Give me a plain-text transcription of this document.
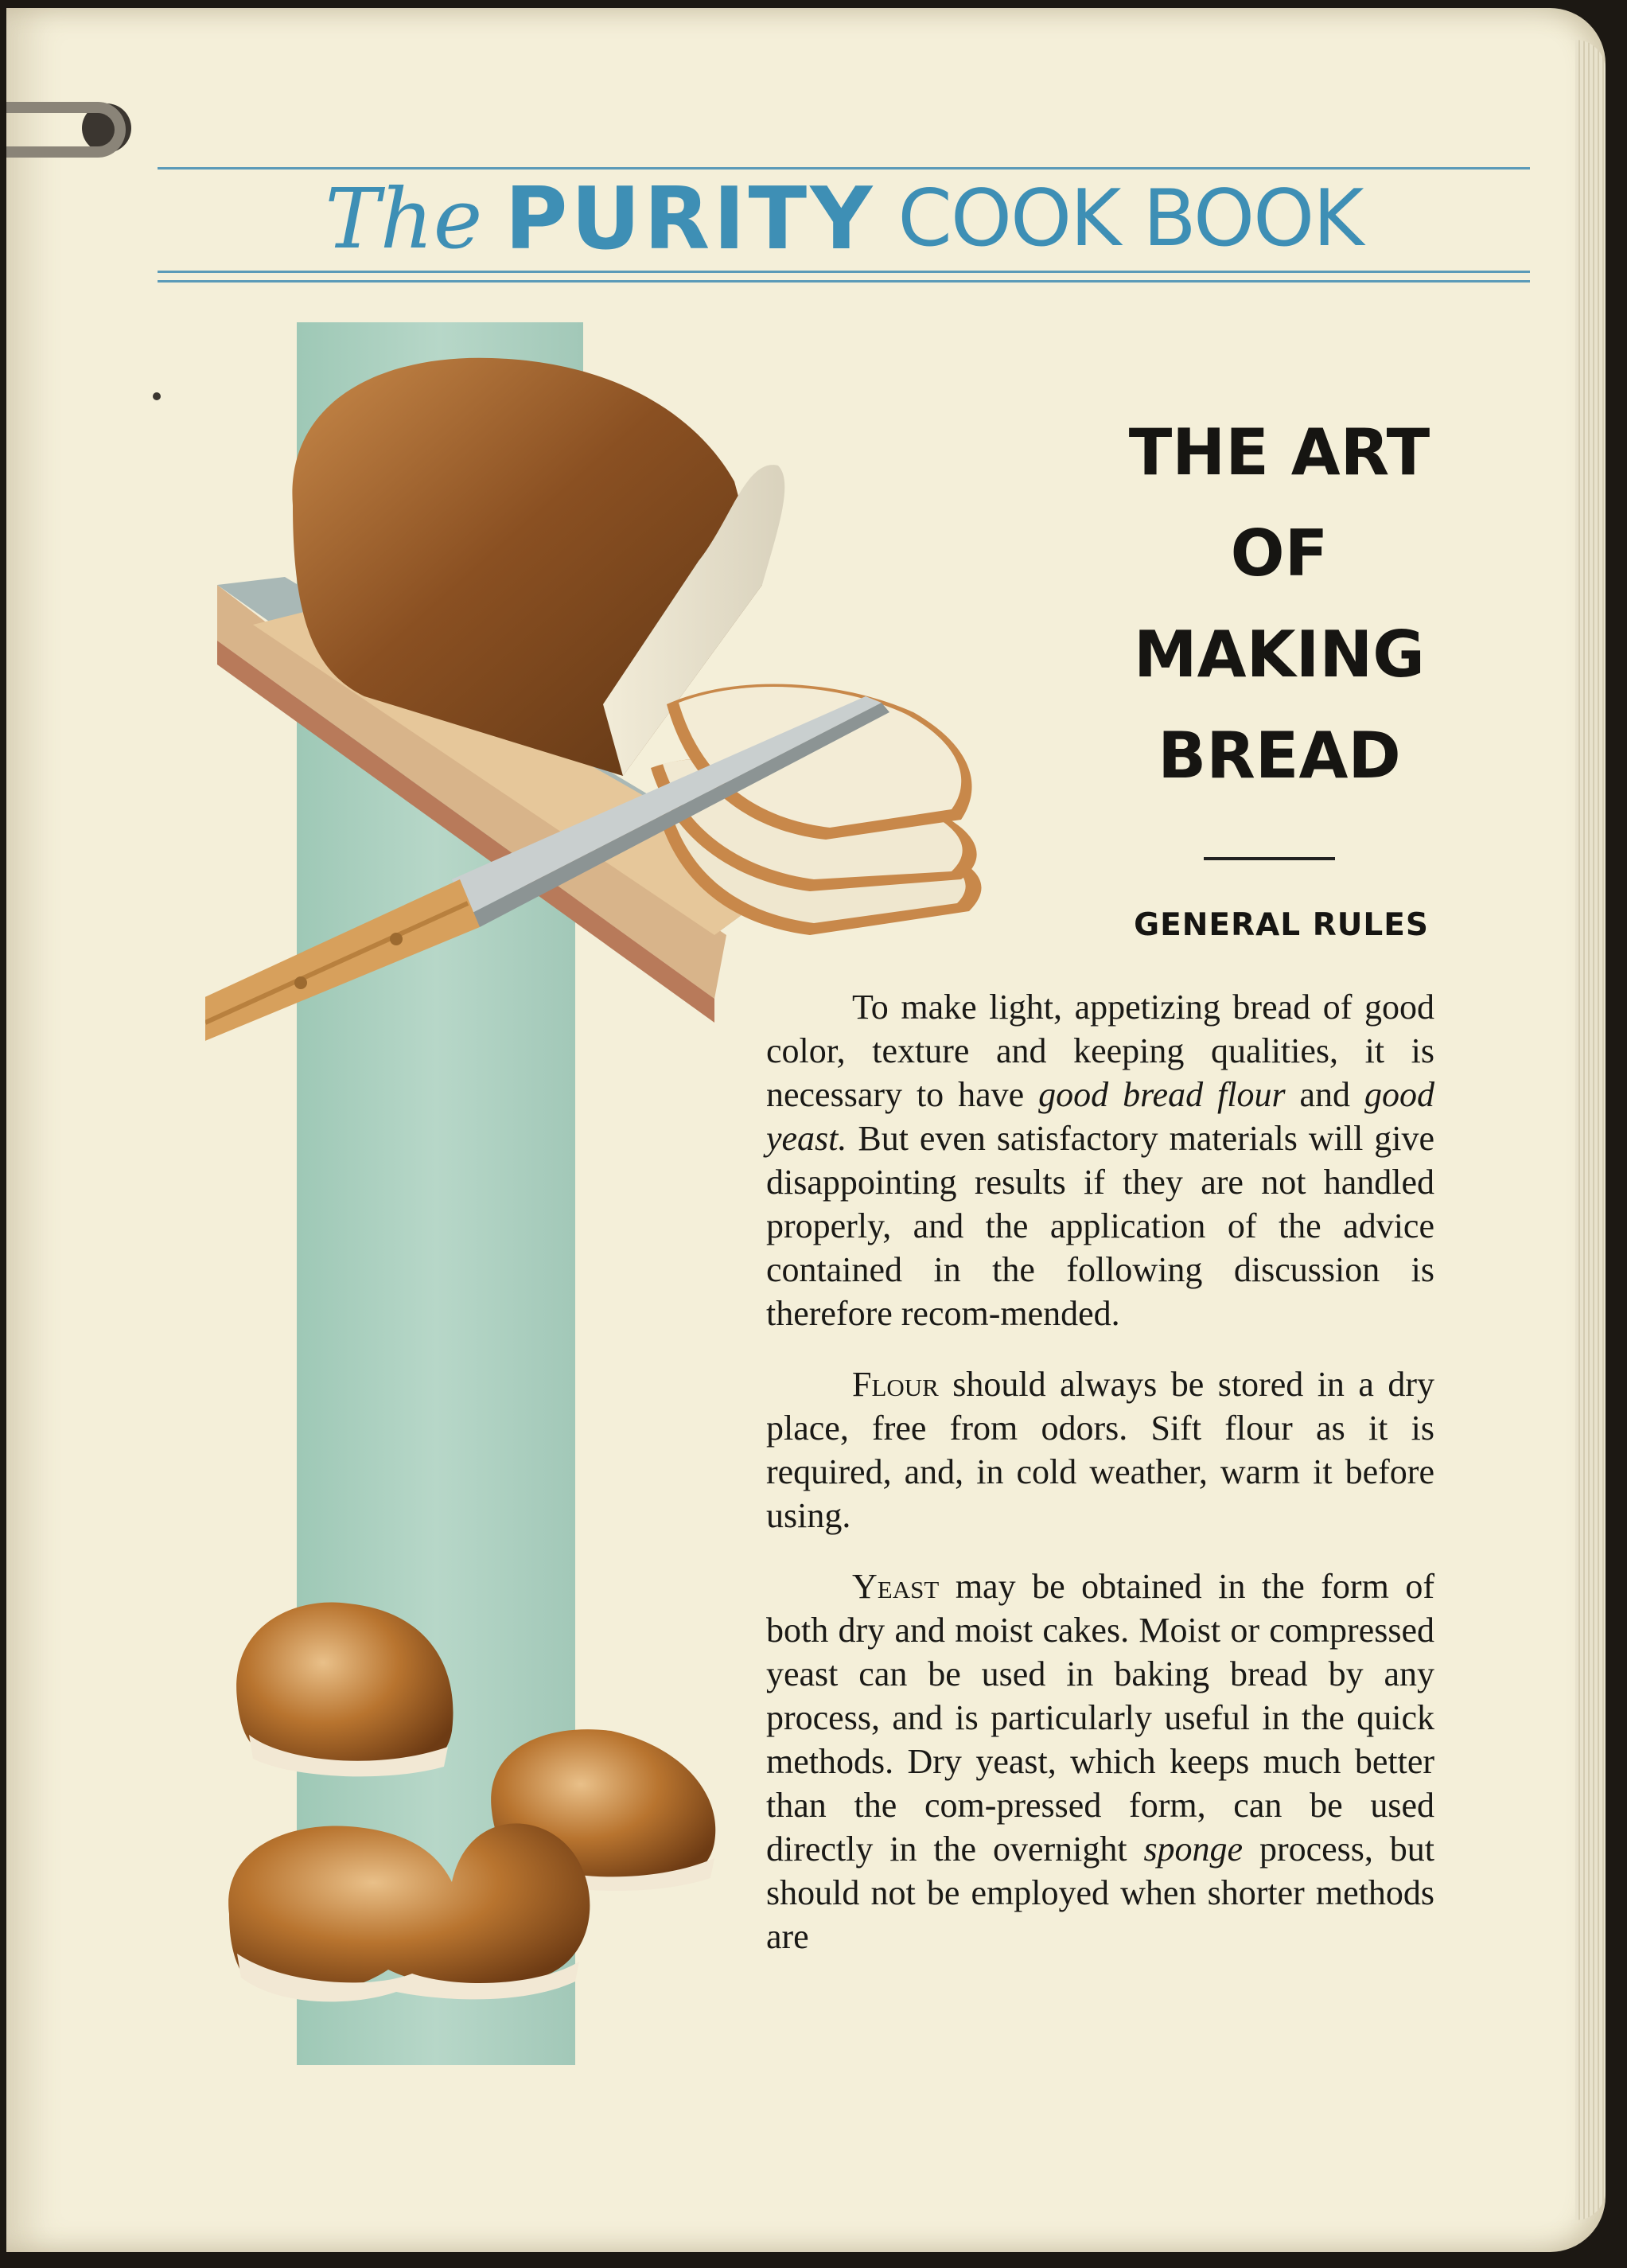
The PURITY COOK BOOK
THE ART
OF
MAKING
BREAD
GENERAL RULES

To make light, appetizing bread of good color, texture and keeping qualities, it is necessary to have good bread flour and good yeast. But even satisfactory materials will give disappointing results if they are not handled properly, and the application of the advice contained in the following discussion is therefore recom-mended.

Flour should always be stored in a dry place, free from odors. Sift flour as it is required, and, in cold weather, warm it before using.

Yeast may be obtained in the form of both dry and moist cakes. Moist or compressed yeast can be used in baking bread by any process, and is particularly useful in the quick methods. Dry yeast, which keeps much better than the com-pressed form, can be used directly in the overnight sponge process, but should not be employed when shorter methods are
